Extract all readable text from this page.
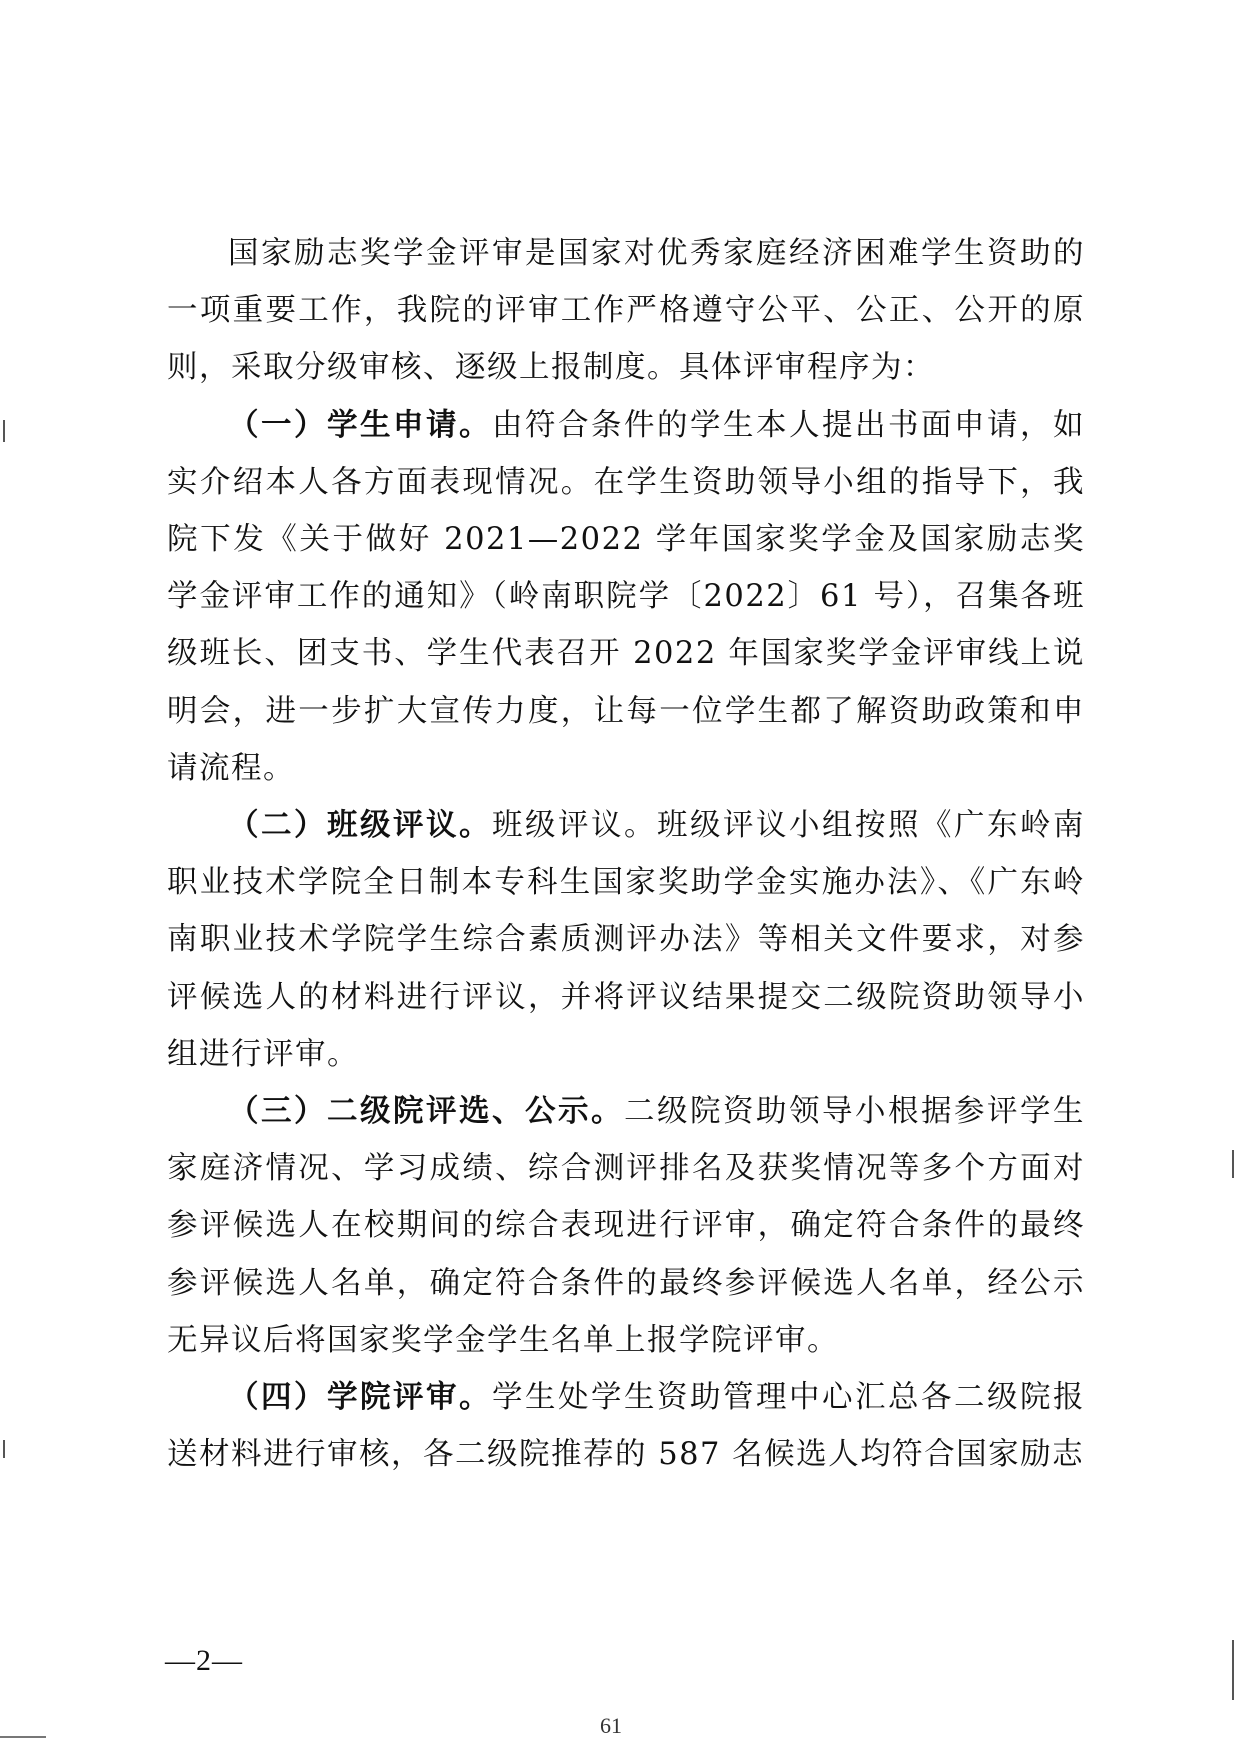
国家励志奖学金评审是国家对优秀家庭经济困难学生资助的一项重要工作，我院的评审工作严格遵守公平、公正、公开的原则，采取分级审核、逐级上报制度。具体评审程序为：

（一）学生申请。由符合条件的学生本人提出书面申请，如实介绍本人各方面表现情况。在学生资助领导小组的指导下，我院下发《关于做好 2021—2022 学年国家奖学金及国家励志奖学金评审工作的通知》（岭南职院学〔2022〕61 号），召集各班级班长、团支书、学生代表召开 2022 年国家奖学金评审线上说明会，进一步扩大宣传力度，让每一位学生都了解资助政策和申请流程。

（二）班级评议。班级评议。班级评议小组按照《广东岭南职业技术学院全日制本专科生国家奖助学金实施办法》、《广东岭南职业技术学院学生综合素质测评办法》等相关文件要求，对参评候选人的材料进行评议，并将评议结果提交二级院资助领导小组进行评审。

（三）二级院评选、公示。二级院资助领导小根据参评学生家庭济情况、学习成绩、综合测评排名及获奖情况等多个方面对参评候选人在校期间的综合表现进行评审，确定符合条件的最终参评候选人名单，确定符合条件的最终参评候选人名单，经公示无异议后将国家奖学金学生名单上报学院评审。

（四）学院评审。学生处学生资助管理中心汇总各二级院报送材料进行审核，各二级院推荐的 587 名候选人均符合国家励志

—2—
61
